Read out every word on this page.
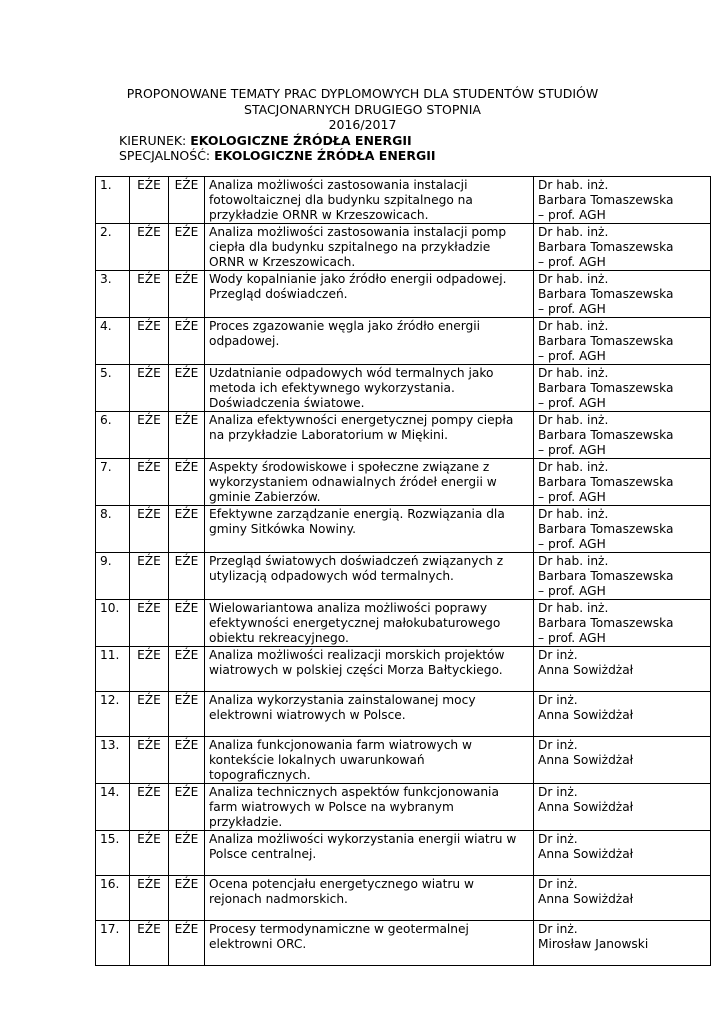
PROPONOWANE TEMATY PRAC DYPLOMOWYCH DLA STUDENTÓW STUDIÓW
STACJONARNYCH DRUGIEGO STOPNIA
2016/2017
KIERUNEK: EKOLOGICZNE ŹRÓDŁA ENERGII
SPECJALNOŚĆ: EKOLOGICZNE ŹRÓDŁA ENERGII
1.	EŹE	EŹE	Analiza możliwości zastosowania instalacji fotowoltaicznej dla budynku szpitalnego na przykładzie ORNR w Krzeszowicach.	Dr hab. inż.
Barbara Tomaszewska
– prof. AGH

2.	EŹE	EŹE	Analiza możliwości zastosowania instalacji pomp ciepła dla budynku szpitalnego na przykładzie ORNR w Krzeszowicach.	Dr hab. inż.
Barbara Tomaszewska
– prof. AGH

3.	EŹE	EŹE	Wody kopalnianie jako źródło energii odpadowej. Przegląd doświadczeń.	Dr hab. inż.
Barbara Tomaszewska
– prof. AGH

4.	EŹE	EŹE	Proces zgazowanie węgla jako źródło energii odpadowej.	Dr hab. inż.
Barbara Tomaszewska
– prof. AGH

5.	EŹE	EŹE	Uzdatnianie odpadowych wód termalnych jako metoda ich efektywnego wykorzystania. Doświadczenia światowe.	Dr hab. inż.
Barbara Tomaszewska
– prof. AGH

6.	EŹE	EŹE	Analiza efektywności energetycznej pompy ciepła na przykładzie Laboratorium w Miękini.	Dr hab. inż.
Barbara Tomaszewska
– prof. AGH

7.	EŹE	EŹE	Aspekty środowiskowe i społeczne związane z wykorzystaniem odnawialnych źródeł energii w gminie Zabierzów.	Dr hab. inż.
Barbara Tomaszewska
– prof. AGH

8.	EŹE	EŹE	Efektywne zarządzanie energią. Rozwiązania dla gminy Sitkówka Nowiny.	Dr hab. inż.
Barbara Tomaszewska
– prof. AGH

9.	EŹE	EŹE	Przegląd światowych doświadczeń związanych z utylizacją odpadowych wód termalnych.	Dr hab. inż.
Barbara Tomaszewska
– prof. AGH

10.	EŹE	EŹE	Wielowariantowa analiza możliwości poprawy efektywności energetycznej małokubaturowego obiektu rekreacyjnego.	Dr hab. inż.
Barbara Tomaszewska
– prof. AGH

11.	EŹE	EŹE	Analiza możliwości realizacji morskich projektów wiatrowych w polskiej części Morza Bałtyckiego.	Dr inż.
Anna Sowiżdżał

12.	EŹE	EŹE	Analiza wykorzystania zainstalowanej mocy elektrowni wiatrowych w Polsce.	Dr inż.
Anna Sowiżdżał

13.	EŹE	EŹE	Analiza funkcjonowania farm wiatrowych w kontekście lokalnych uwarunkowań topograficznych.	Dr inż.
Anna Sowiżdżał

14.	EŹE	EŹE	Analiza technicznych aspektów funkcjonowania farm wiatrowych w Polsce na wybranym przykładzie.	Dr inż.
Anna Sowiżdżał

15.	EŹE	EŹE	Analiza możliwości wykorzystania energii wiatru w Polsce centralnej.	Dr inż.
Anna Sowiżdżał

16.	EŹE	EŹE	Ocena potencjału energetycznego wiatru w rejonach nadmorskich.	Dr inż.
Anna Sowiżdżał

17.	EŹE	EŹE	Procesy termodynamiczne w geotermalnej elektrowni ORC.	Dr inż.
Mirosław Janowski
